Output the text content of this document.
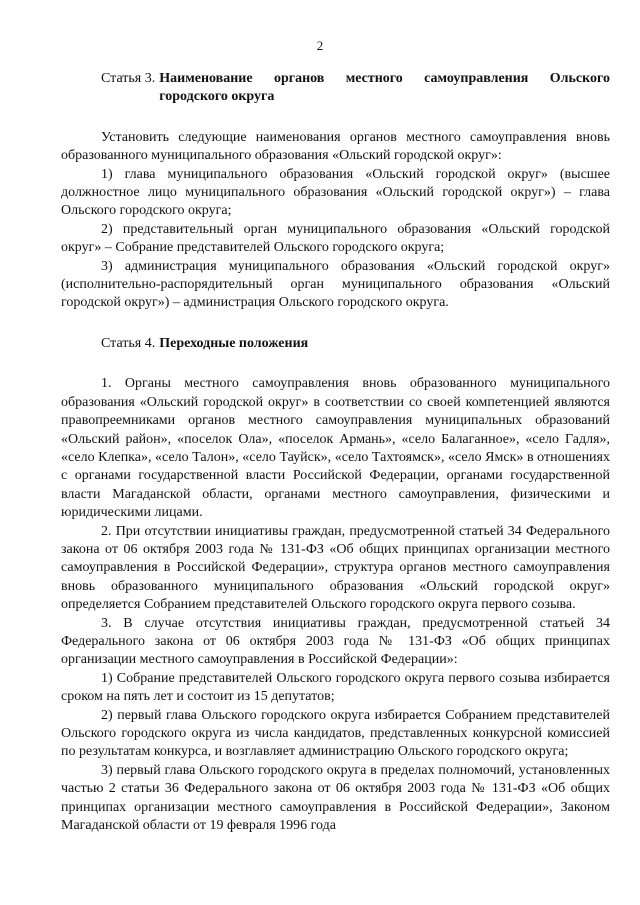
2
Статья 3. Наименование органов местного самоуправления Ольского городского округа

Установить следующие наименования органов местного самоуправления вновь образованного муниципального образования «Ольский городской округ»:

1) глава муниципального образования «Ольский городской округ» (высшее должностное лицо муниципального образования «Ольский городской округ») – глава Ольского городского округа;

2) представительный орган муниципального образования «Ольский городской округ» – Собрание представителей Ольского городского округа;

3) администрация муниципального образования «Ольский городской округ» (исполнительно-распорядительный орган муниципального образования «Ольский городской округ») – администрация Ольского городского округа.

Статья 4. Переходные положения

1. Органы местного самоуправления вновь образованного муниципального образования «Ольский городской округ» в соответствии со своей компетенцией являются правопреемниками органов местного самоуправления муниципальных образований «Ольский район», «поселок Ола», «поселок Армань», «село Балаганное», «село Гадля», «село Клепка», «село Талон», «село Тауйск», «село Тахтоямск», «село Ямск» в отношениях с органами государственной власти Российской Федерации, органами государственной власти Магаданской области, органами местного самоуправления, физическими и юридическими лицами.

2. При отсутствии инициативы граждан, предусмотренной статьей 34 Федерального закона от 06 октября 2003 года № 131-ФЗ «Об общих принципах организации местного самоуправления в Российской Федерации», структура органов местного самоуправления вновь образованного муниципального образования «Ольский городской округ» определяется Собранием представителей Ольского городского округа первого созыва.

3. В случае отсутствия инициативы граждан, предусмотренной статьей 34 Федерального закона от 06 октября 2003 года № 131-ФЗ «Об общих принципах организации местного самоуправления в Российской Федерации»:

1) Собрание представителей Ольского городского округа первого созыва избирается сроком на пять лет и состоит из 15 депутатов;

2) первый глава Ольского городского округа избирается Собранием представителей Ольского городского округа из числа кандидатов, представленных конкурсной комиссией по результатам конкурса, и возглавляет администрацию Ольского городского округа;

3) первый глава Ольского городского округа в пределах полномочий, установленных частью 2 статьи 36 Федерального закона от 06 октября 2003 года № 131-ФЗ «Об общих принципах организации местного самоуправления в Российской Федерации», Законом Магаданской области от 19 февраля 1996 года
